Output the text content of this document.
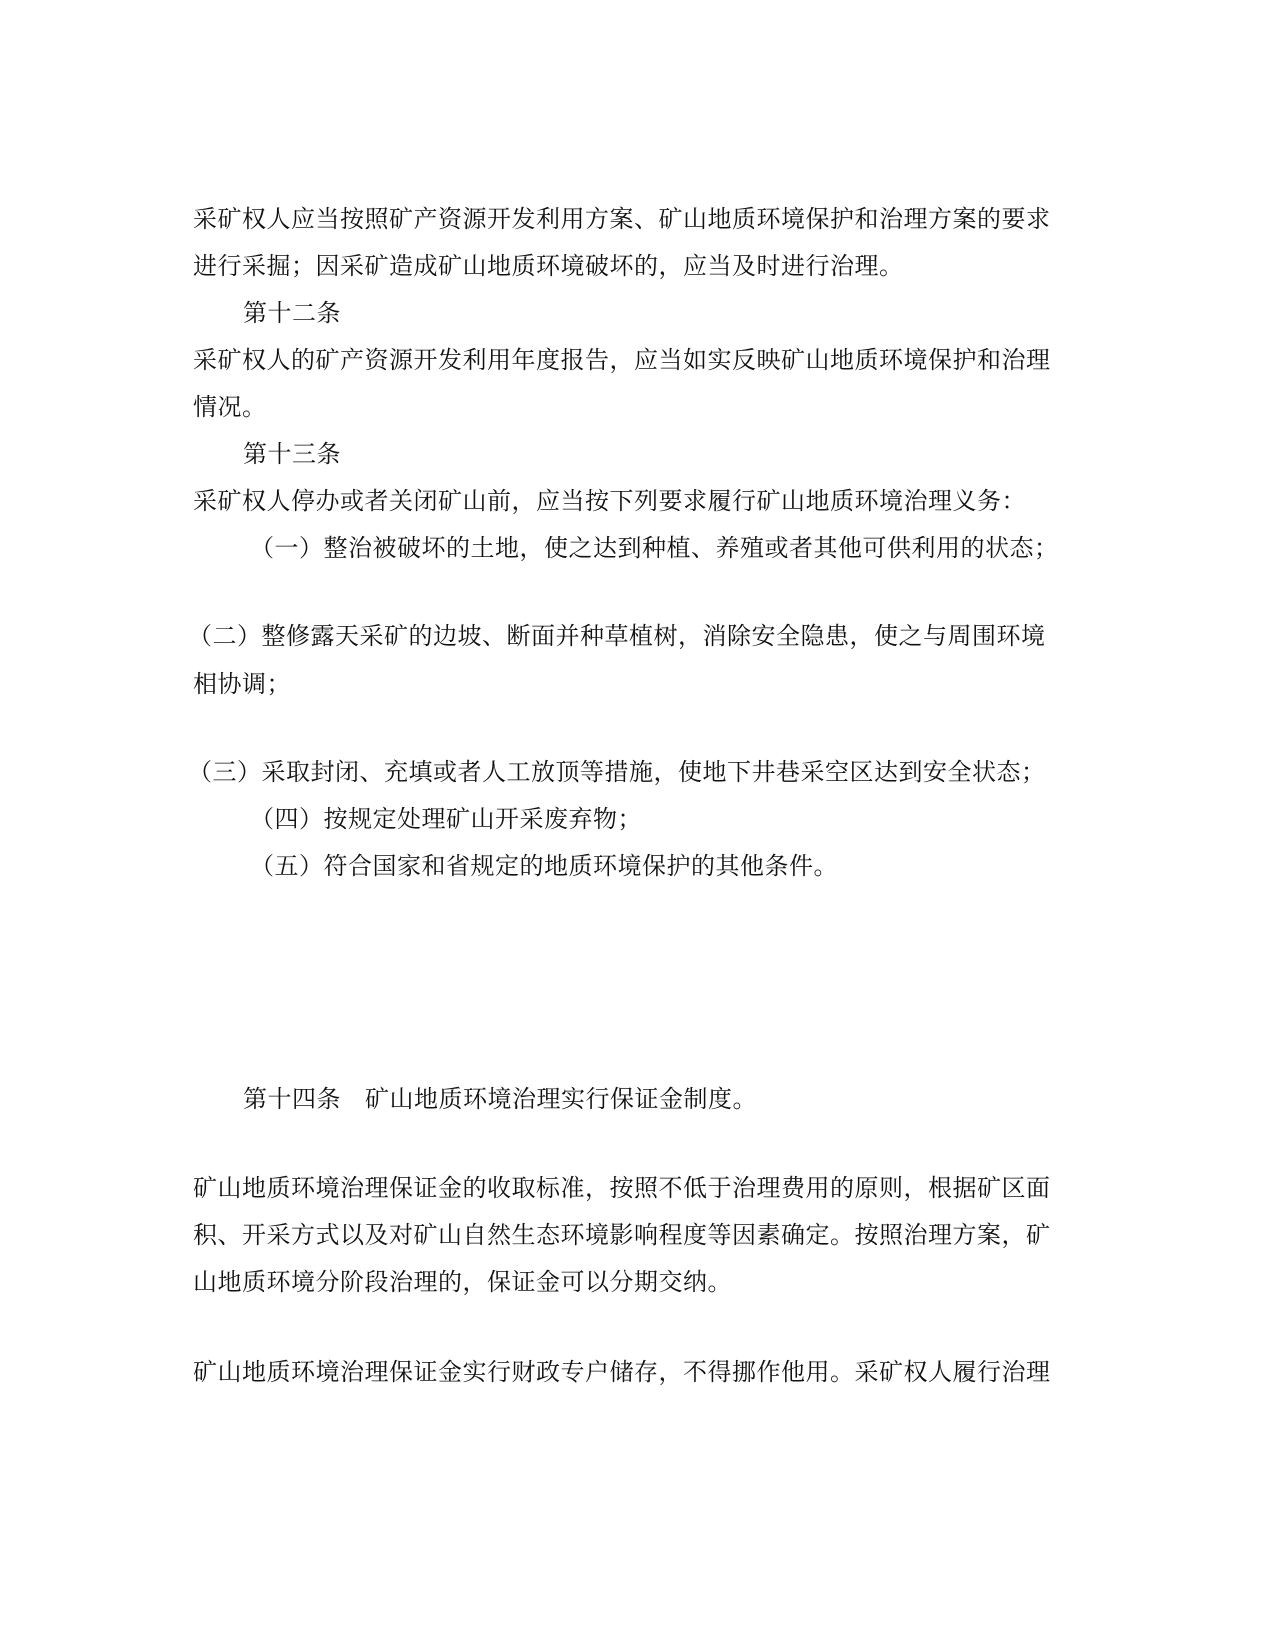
采矿权人应当按照矿产资源开发利用方案、矿山地质环境保护和治理方案的要求
进行采掘；因采矿造成矿山地质环境破坏的，应当及时进行治理。
第十二条
采矿权人的矿产资源开发利用年度报告，应当如实反映矿山地质环境保护和治理
情况。
第十三条
采矿权人停办或者关闭矿山前，应当按下列要求履行矿山地质环境治理义务：
（一）整治被破坏的土地，使之达到种植、养殖或者其他可供利用的状态；
（二）整修露天采矿的边坡、断面并种草植树，消除安全隐患，使之与周围环境
相协调；
（三）采取封闭、充填或者人工放顶等措施，使地下井巷采空区达到安全状态；
（四）按规定处理矿山开采废弃物；
（五）符合国家和省规定的地质环境保护的其他条件。
第十四条 矿山地质环境治理实行保证金制度。
矿山地质环境治理保证金的收取标准，按照不低于治理费用的原则，根据矿区面
积、开采方式以及对矿山自然生态环境影响程度等因素确定。按照治理方案，矿
山地质环境分阶段治理的，保证金可以分期交纳。
矿山地质环境治理保证金实行财政专户储存，不得挪作他用。采矿权人履行治理
